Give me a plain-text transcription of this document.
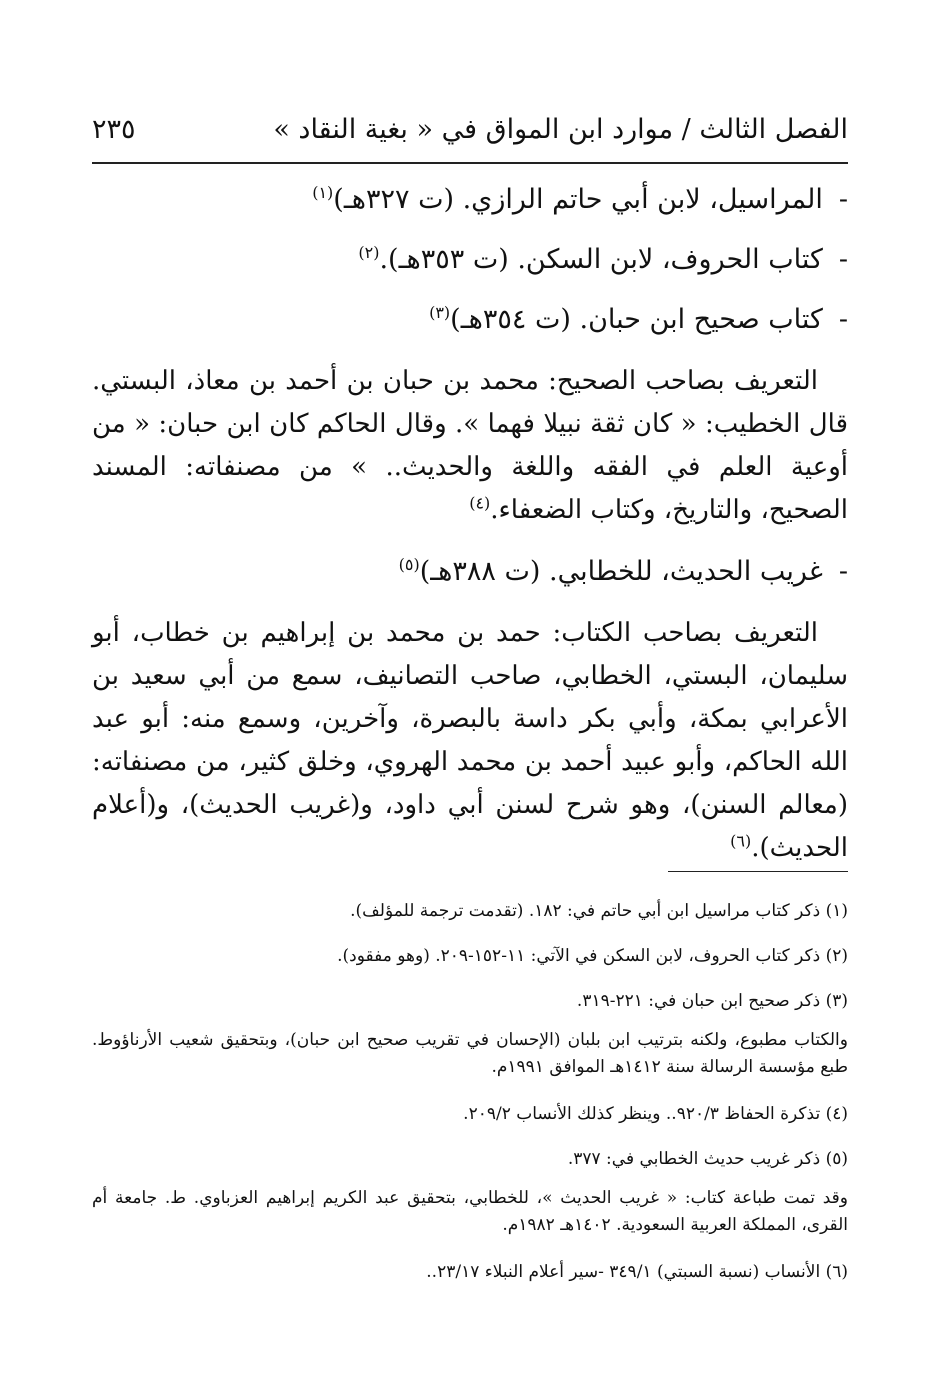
الفصل الثالث / موارد ابن المواق في « بغية النقاد »
٢٣٥
-المراسيل، لابن أبي حاتم الرازي. (ت ٣٢٧هـ)$^{(١)}$
-كتاب الحروف، لابن السكن. (ت ٣٥٣هـ).$^{(٢)}$
-كتاب صحيح ابن حبان. (ت ٣٥٤هـ)$^{(٣)}$

التعريف بصاحب الصحيح: محمد بن حبان بن أحمد بن معاذ، البستي. قال الخطيب: « كان ثقة نبيلا فهما ». وقال الحاكم كان ابن حبان: « من أوعية العلم في الفقه واللغة والحديث.. » من مصنفاته: المسند الصحيح، والتاريخ، وكتاب الضعفاء.$^{(٤)}$

-غريب الحديث، للخطابي. (ت ٣٨٨هـ)$^{(٥)}$

التعريف بصاحب الكتاب: حمد بن محمد بن إبراهيم بن خطاب، أبو سليمان، البستي، الخطابي، صاحب التصانيف، سمع من أبي سعيد بن الأعرابي بمكة، وأبي بكر داسة بالبصرة، وآخرين، وسمع منه: أبو عبد الله الحاكم، وأبو عبيد أحمد بن محمد الهروي، وخلق كثير، من مصنفاته: (معالم السنن)، وهو شرح لسنن أبي داود، و(غريب الحديث)، و(أعلام الحديث).$^{(٦)}$

(١) ذكر كتاب مراسيل ابن أبي حاتم في: ١٨٢. (تقدمت ترجمة للمؤلف).

(٢) ذكر كتاب الحروف، لابن السكن في الآتي: ١١-١٥٢-٢٠٩. (وهو مفقود).

(٣) ذكر صحيح ابن حبان في: ٢٢١-٣١٩.

والكتاب مطبوع، ولكنه بترتيب ابن بلبان (الإحسان في تقريب صحيح ابن حبان)، وبتحقيق شعيب الأرناؤوط. طبع مؤسسة الرسالة سنة ١٤١٢هـ الموافق ١٩٩١م.

(٤) تذكرة الحفاظ ٩٢٠/٣.. وينظر كذلك الأنساب ٢٠٩/٢.

(٥) ذكر غريب حديث الخطابي في: ٣٧٧.

وقد تمت طباعة كتاب: « غريب الحديث »، للخطابي، بتحقيق عبد الكريم إبراهيم العزباوي. ط. جامعة أم القرى، المملكة العربية السعودية. ١٤٠٢هـ ١٩٨٢م.

(٦) الأنساب (نسبة السبتي) ٣٤٩/١ -سير أعلام النبلاء ٢٣/١٧..
